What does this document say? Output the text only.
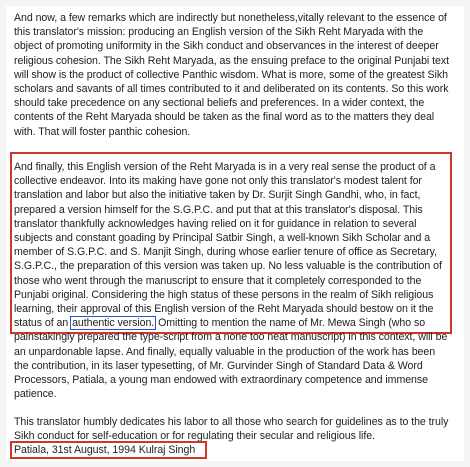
And now, a few remarks which are indirectly but nonetheless,vitally relevant to the essence of
this translator's mission: producing an English version of the Sikh Reht Maryada with the
object of promoting uniformity in the Sikh conduct and observances in the interest of deeper
religious cohesion. The Sikh Reht Maryada, as the ensuing preface to the original Punjabi text
will show is the product of collective Panthic wisdom. What is more, some of the greatest Sikh
scholars and savants of all times contributed to it and deliberated on its contents. So this work
should take precedence on any sectional beliefs and preferences. In a wider context, the
contents of the Reht Maryada should be taken as the final word as to the matters they deal
with. That will foster panthic cohesion.

And finally, this English version of the Reht Maryada is in a very real sense the product of a
collective endeavor. Into its making have gone not only this translator's modest talent for
translation and labor but also the initiative taken by Dr. Surjit Singh Gandhi, who, in fact,
prepared a version himself for the S.G.P.C. and put that at this translator's disposal. This
translator thankfully acknowledges having relied on it for guidance in relation to several
subjects and constant goading by Principal Satbir Singh, a well-known Sikh Scholar and a
member of S.G.P.C. and S. Manjit Singh, during whose earlier tenure of office as Secretary,
S.G.P.C., the preparation of this version was taken up. No less valuable is the contribution of
those who went through the manuscript to ensure that it completely corresponded to the
Punjabi original. Considering the high status of these persons in the realm of Sikh religious
learning, their approval of this English version of the Reht Maryada should bestow on it the
status of an authentic version. Omitting to mention the name of Mr. Mewa Singh (who so
painstakingly prepared the type-script from a none too neat manuscript) in this context, will be
an unpardonable lapse. And finally, equally valuable in the production of the work has been
the contribution, in its laser typesetting, of Mr. Gurvinder Singh of Standard Data & Word
Processors, Patiala, a young man endowed with extraordinary competence and immense
patience.

This translator humbly dedicates his labor to all those who search for guidelines as to the truly
Sikh conduct for self-education or for regulating their secular and religious life.

Patiala, 31st August, 1994 Kulraj Singh
